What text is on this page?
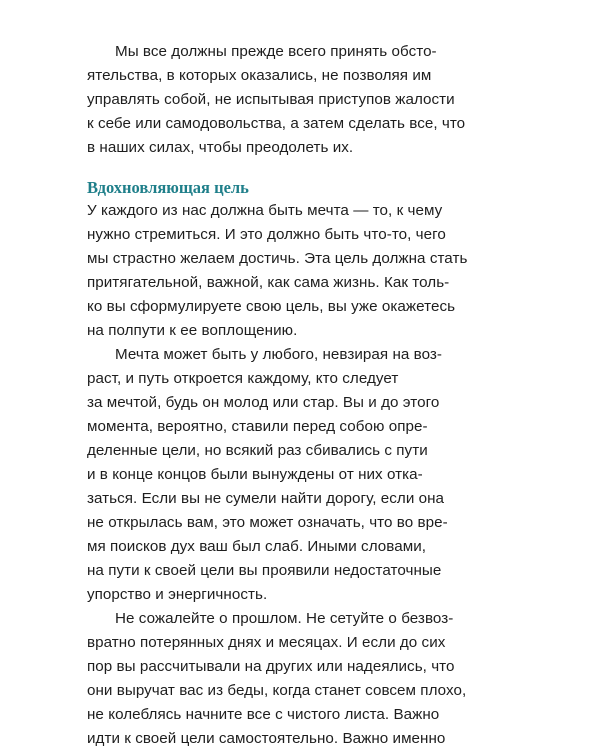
Мы все должны прежде всего принять обсто-
ятельства, в которых оказались, не позволяя им
управлять собой, не испытывая приступов жалости
к себе или самодовольства, а затем сделать все, что
в наших силах, чтобы преодолеть их.
Вдохновляющая цель
У каждого из нас должна быть мечта — то, к чему
нужно стремиться. И это должно быть что-то, чего
мы страстно желаем достичь. Эта цель должна стать
притягательной, важной, как сама жизнь. Как толь-
ко вы сформулируете свою цель, вы уже окажетесь
на полпути к ее воплощению.
Мечта может быть у любого, невзирая на воз-
раст, и путь откроется каждому, кто следует
за мечтой, будь он молод или стар. Вы и до этого
момента, вероятно, ставили перед собою опре-
деленные цели, но всякий раз сбивались с пути
и в конце концов были вынуждены от них отка-
заться. Если вы не сумели найти дорогу, если она
не открылась вам, это может означать, что во вре-
мя поисков дух ваш был слаб. Иными словами,
на пути к своей цели вы проявили недостаточные
упорство и энергичность.
Не сожалейте о прошлом. Не сетуйте о безвоз-
вратно потерянных днях и месяцах. И если до сих
пор вы рассчитывали на других или надеялись, что
они выручат вас из беды, когда станет совсем плохо,
не колеблясь начните все с чистого листа. Важно
идти к своей цели самостоятельно. Важно именно
